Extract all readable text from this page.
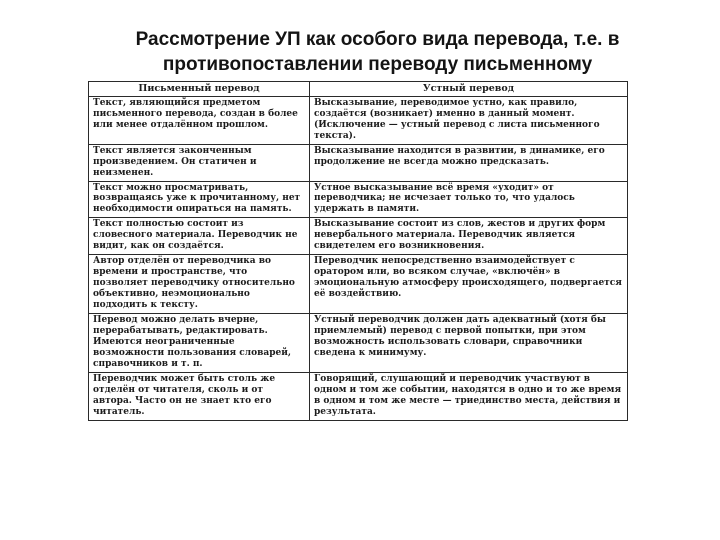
Рассмотрение УП как особого вида перевода, т.е. в противопоставлении переводу письменному
Письменный перевод	Устный перевод
Текст, являющийся предметом письменного перевода, создан в более или менее отдалённом прошлом.	Высказывание, переводимое устно, как правило, создаётся (возникает) именно в данный момент. (Исключение — устный перевод с листа письменного текста).
Текст является законченным произведением. Он статичен и неизменен.	Высказывание находится в развитии, в динамике, его продолжение не всегда можно предсказать.
Текст можно просматривать, возвращаясь уже к прочитанному, нет необходимости опираться на память.	Устное высказывание всё время «уходит» от переводчика; не исчезает только то, что удалось удержать в памяти.
Текст полностью состоит из словесного материала. Переводчик не видит, как он создаётся.	Высказывание состоит из слов, жестов и других форм невербального материала. Переводчик является свидетелем его возникновения.
Автор отделён от переводчика во времени и пространстве, что позволяет переводчику относительно объективно, неэмоционально подходить к тексту.	Переводчик непосредственно взаимодействует с оратором или, во всяком случае, «включён» в эмоциональную атмосферу происходящего, подвергается её воздействию.
Перевод можно делать вчерне, перерабатывать, редактировать. Имеются неограниченные возможности пользования словарей, справочников и т. п.	Устный переводчик должен дать адекватный (хотя бы приемлемый) перевод с первой попытки, при этом возможность использовать словари, справочники сведена к минимуму.
Переводчик может быть столь же отделён от читателя, сколь и от автора. Часто он не знает кто его читатель.	Говорящий, слушающий и переводчик участвуют в одном и том же событии, находятся в одно и то же время в одном и том же месте — триединство места, действия и результата.
